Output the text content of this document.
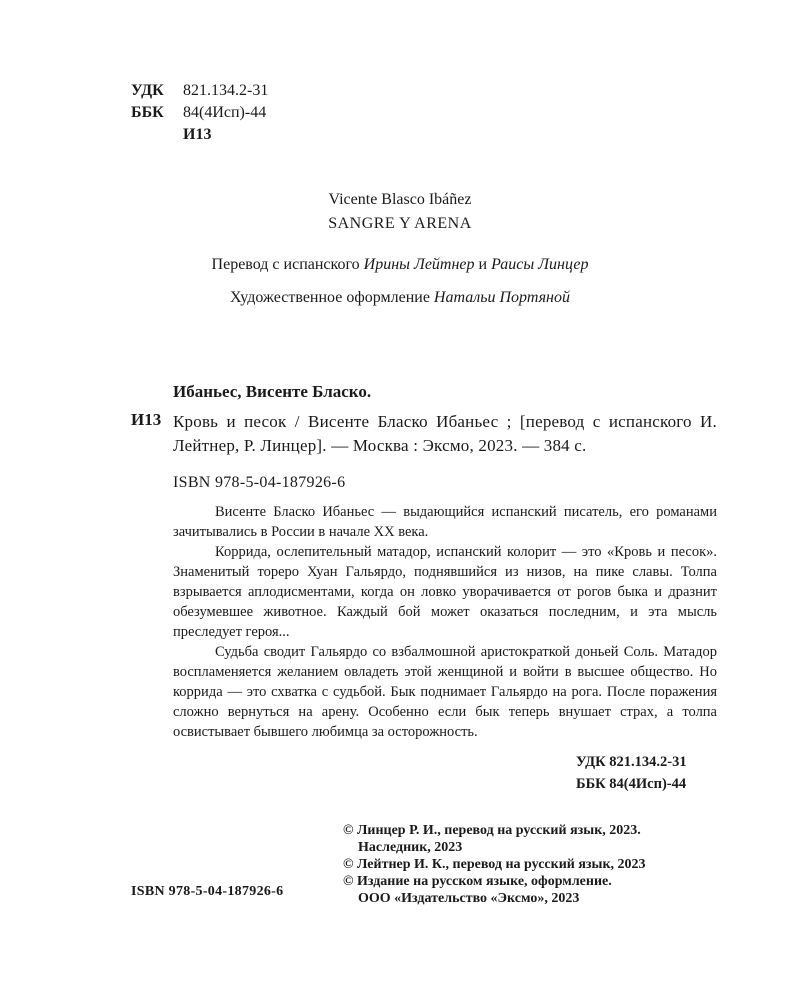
УДК 821.134.2-31
ББК 84(4Исп)-44
И13
Vicente Blasco Ibáñez
SANGRE Y ARENA
Перевод с испанского Ирины Лейтнер и Раисы Линцер
Художественное оформление Натальи Портяной
Ибаньес, Висенте Бласко.
И13 Кровь и песок / Висенте Бласко Ибаньес ; [перевод с испанского И. Лейтнер, Р. Линцер]. — Москва : Эксмо, 2023. — 384 с.
ISBN 978-5-04-187926-6

Висенте Бласко Ибаньес — выдающийся испанский писатель, его романами зачитывались в России в начале XX века.

Коррида, ослепительный матадор, испанский колорит — это «Кровь и песок». Знаменитый тореро Хуан Гальярдо, поднявшийся из низов, на пике славы. Толпа взрывается аплодисментами, когда он ловко уворачивается от рогов быка и дразнит обезумевшее животное. Каждый бой может оказаться последним, и эта мысль преследует героя...

Судьба сводит Гальярдо со взбалмошной аристократкой доньей Соль. Матадор воспламеняется желанием овладеть этой женщиной и войти в высшее общество. Но коррида — это схватка с судьбой. Бык поднимает Гальярдо на рога. После поражения сложно вернуться на арену. Особенно если бык теперь внушает страх, а толпа освистывает бывшего любимца за осторожность.

УДК 821.134.2-31
ББК 84(4Исп)-44
© Линцер Р. И., перевод на русский язык, 2023.
Наследник, 2023
© Лейтнер И. К., перевод на русский язык, 2023
© Издание на русском языке, оформление.
ООО «Издательство «Эксмо», 2023
ISBN 978-5-04-187926-6
